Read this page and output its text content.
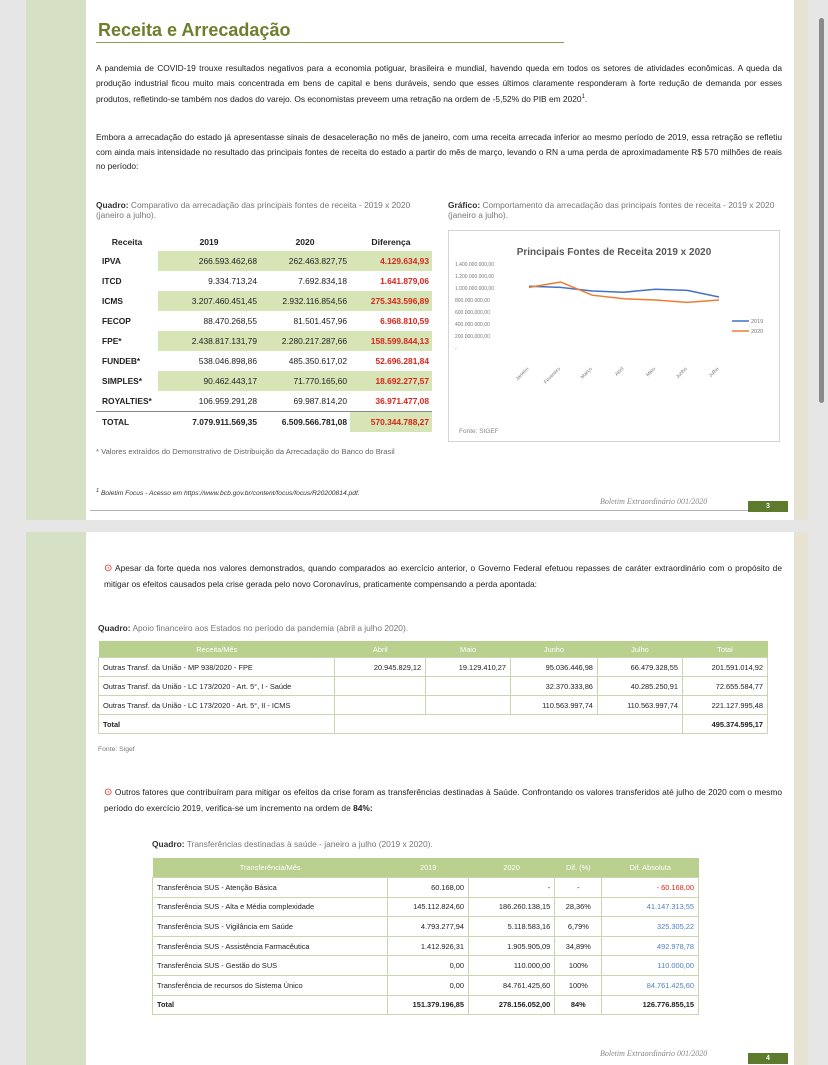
Receita e Arrecadação

A pandemia de COVID-19 trouxe resultados negativos para a economia potiguar, brasileira e mundial, havendo queda em todos os setores de atividades econômicas. A queda da produção industrial ficou muito mais concentrada em bens de capital e bens duráveis, sendo que esses últimos claramente responderam à forte redução de demanda por esses produtos, refletindo-se também nos dados do varejo. Os economistas preveem uma retração na ordem de -5,52% do PIB em 2020$^1$.

Embora a arrecadação do estado já apresentasse sinais de desaceleração no mês de janeiro, com uma receita arrecada inferior ao mesmo período de 2019, essa retração se refletiu com ainda mais intensidade no resultado das principais fontes de receita do estado a partir do mês de março, levando o RN a uma perda de aproximadamente R$ 570 milhões de reais no período:

Quadro: Comparativo da arrecadação das principais fontes de receita - 2019 x 2020 (janeiro a julho).
Gráfico: Comportamento da arrecadação das principais fontes de receita - 2019 x 2020 (janeiro a julho).
Receita	2019	2020	Diferença
IPVA	266.593.462,68	262.463.827,75	4.129.634,93
ITCD	9.334.713,24	7.692.834,18	1.641.879,06
ICMS	3.207.460.451,45	2.932.116.854,56	275.343.596,89
FECOP	88.470.268,55	81.501.457,96	6.968.810,59
FPE*	2.438.817.131,79	2.280.217.287,66	158.599.844,13
FUNDEB*	538.046.898,86	485.350.617,02	52.696.281,84
SIMPLES*	90.462.443,17	71.770.165,60	18.692.277,57
ROYALTIES*	106.959.291,28	69.987.814,20	36.971.477,08
TOTAL	7.079.911.569,35	6.509.566.781,08	570.344.788,27
* Valores extraídos do Demonstrativo de Distribuição da Arrecadação do Banco do Brasil
Principais Fontes de Receita 2019 x 2020
1.400.000.000,00
1.200.000.000,00
1.000.000.000,00
800.000.000,00
600.000.000,00
400.000.000,00
200.000.000,00
-
Janeiro Fevereiro	Março	Abril	Maio	Junho	Julho
2019
2020
Fonte: SIGEF
$^1$ Boletim Focus - Acesso em https://www.bcb.gov.br/content/focus/focus/R20200814.pdf.
Boletim Extraordinário 001/2020
3

⊙ Apesar da forte queda nos valores demonstrados, quando comparados ao exercício anterior, o Governo Federal efetuou repasses de caráter extraordinário com o propósito de mitigar os efeitos causados pela crise gerada pelo novo Coronavírus, praticamente compensando a perda apontada:

Quadro: Apoio financeiro aos Estados no período da pandemia (abril a julho 2020).
Receita/Mês	Abril	Maio	Junho	Julho	Total
Outras Transf. da União - MP 938/2020 - FPE	20.945.829,12	19.129.410,27	95.036.446,98	66.479.328,55	201.591.014,92
Outras Transf. da União - LC 173/2020 - Art. 5°, I - Saúde			32.370.333,86	40.285.250,91	72.655.584,77
Outras Transf. da União - LC 173/2020 - Art. 5°, II - ICMS			110.563.997,74	110.563.997,74	221.127.995,48
Total					495.374.595,17
Fonte: Sigef

⊙ Outros fatores que contribuíram para mitigar os efeitos da crise foram as transferências destinadas à Saúde. Confrontando os valores transferidos até julho de 2020 com o mesmo período do exercício 2019, verifica-se um incremento na ordem de 84%:

Quadro: Transferências destinadas à saúde - janeiro a julho (2019 x 2020).
Transferência/Mês	2019	2020	Dif. (%)	Dif. Absoluta
Transferência SUS - Atenção Básica	60.168,00	-	-	- 60.168,00
Transferência SUS - Alta e Média complexidade	145.112.824,60	186.260.138,15	28,36%	41.147.313,55
Transferência SUS - Vigilância em Saúde	4.793.277,94	5.118.583,16	6,79%	325.305,22
Transferência SUS - Assistência Farmacêutica	1.412.926,31	1.905.905,09	34,89%	492.978,78
Transferência SUS - Gestão do SUS	0,00	110.000,00	100%	110.000,00
Transferência de recursos do Sistema Único	0,00	84.761.425,60	100%	84.761.425,60
Total	151.379.196,85	278.156.052,00	84%	126.776.855,15
Boletim Extraordinário 001/2020
4
